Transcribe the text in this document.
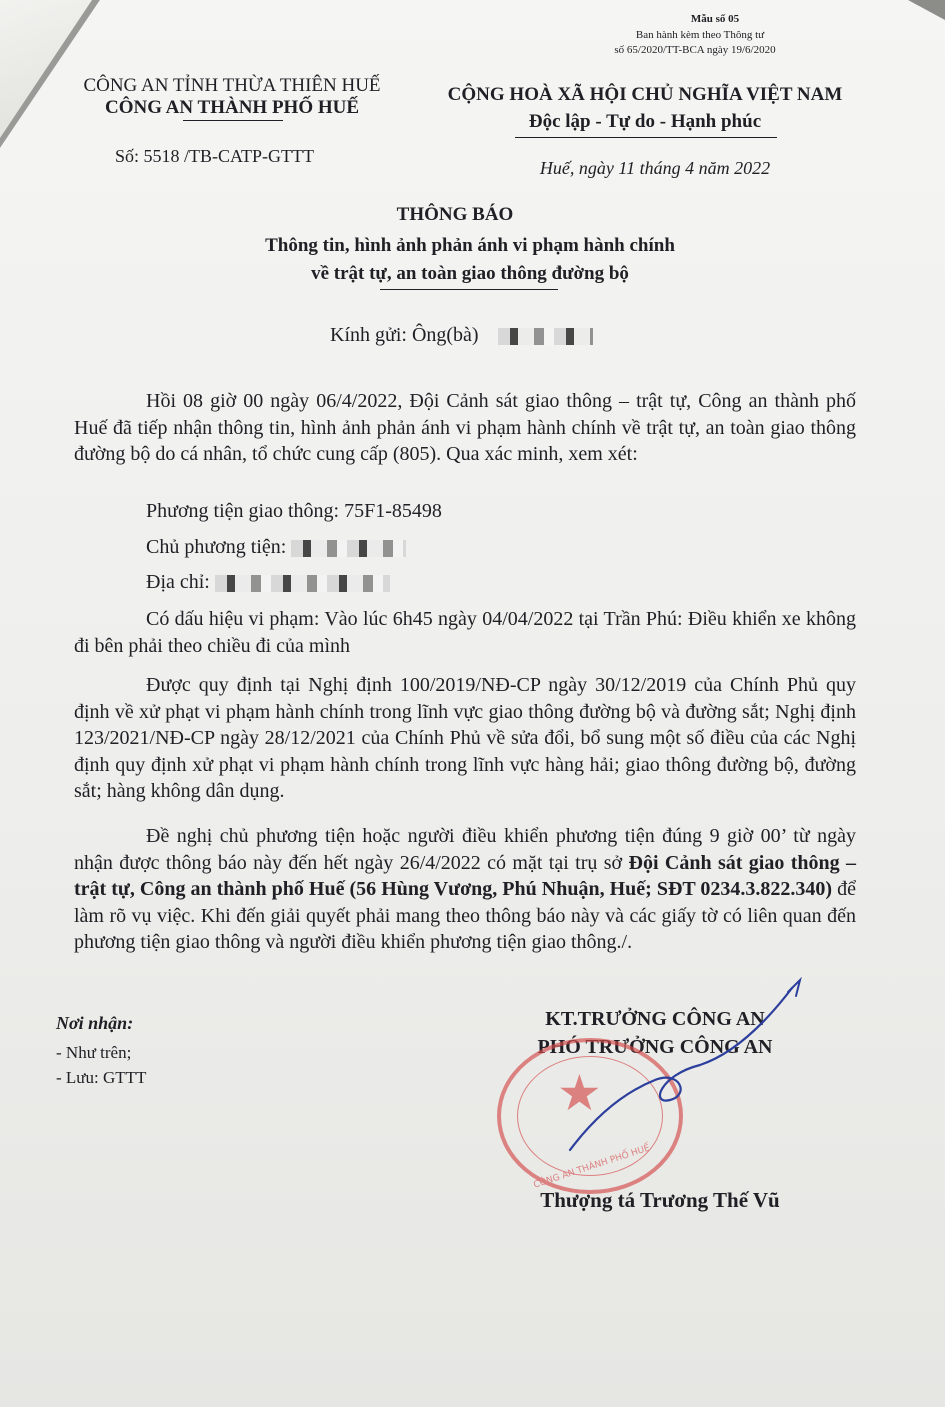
Mẫu số 05
Ban hành kèm theo Thông tư
số 65/2020/TT-BCA ngày 19/6/2020
CÔNG AN TỈNH THỪA THIÊN HUẾ
CÔNG AN THÀNH PHỐ HUẾ
Số: 5518 /TB-CATP-GTTT
CỘNG HOÀ XÃ HỘI CHỦ NGHĨA VIỆT NAM
Độc lập - Tự do - Hạnh phúc
Huế, ngày 11 tháng 4 năm 2022
THÔNG BÁO
Thông tin, hình ảnh phản ánh vi phạm hành chính
về trật tự, an toàn giao thông đường bộ
Kính gửi: Ông(bà)
Hồi 08 giờ 00 ngày 06/4/2022, Đội Cảnh sát giao thông – trật tự, Công an thành phố Huế đã tiếp nhận thông tin, hình ảnh phản ánh vi phạm hành chính về trật tự, an toàn giao thông đường bộ do cá nhân, tổ chức cung cấp (805). Qua xác minh, xem xét:
Phương tiện giao thông: 75F1-85498
Chủ phương tiện:
Địa chỉ:
Có dấu hiệu vi phạm: Vào lúc 6h45 ngày 04/04/2022 tại Trần Phú: Điều khiển xe không đi bên phải theo chiều đi của mình
Được quy định tại Nghị định 100/2019/NĐ-CP ngày 30/12/2019 của Chính Phủ quy định về xử phạt vi phạm hành chính trong lĩnh vực giao thông đường bộ và đường sắt; Nghị định 123/2021/NĐ-CP ngày 28/12/2021 của Chính Phủ về sửa đổi, bổ sung một số điều của các Nghị định quy định xử phạt vi phạm hành chính trong lĩnh vực hàng hải; giao thông đường bộ, đường sắt; hàng không dân dụng.
Đề nghị chủ phương tiện hoặc người điều khiển phương tiện đúng 9 giờ 00’ từ ngày nhận được thông báo này đến hết ngày 26/4/2022 có mặt tại trụ sở Đội Cảnh sát giao thông – trật tự, Công an thành phố Huế (56 Hùng Vương, Phú Nhuận, Huế; SĐT 0234.3.822.340) để làm rõ vụ việc. Khi đến giải quyết phải mang theo thông báo này và các giấy tờ có liên quan đến phương tiện giao thông và người điều khiển phương tiện giao thông./.
Nơi nhận:
- Như trên;
- Lưu: GTTT
KT.TRƯỞNG CÔNG AN
PHÓ TRƯỞNG CÔNG AN
★
CÔNG AN THÀNH PHỐ HUẾ
Thượng tá Trương Thế Vũ
